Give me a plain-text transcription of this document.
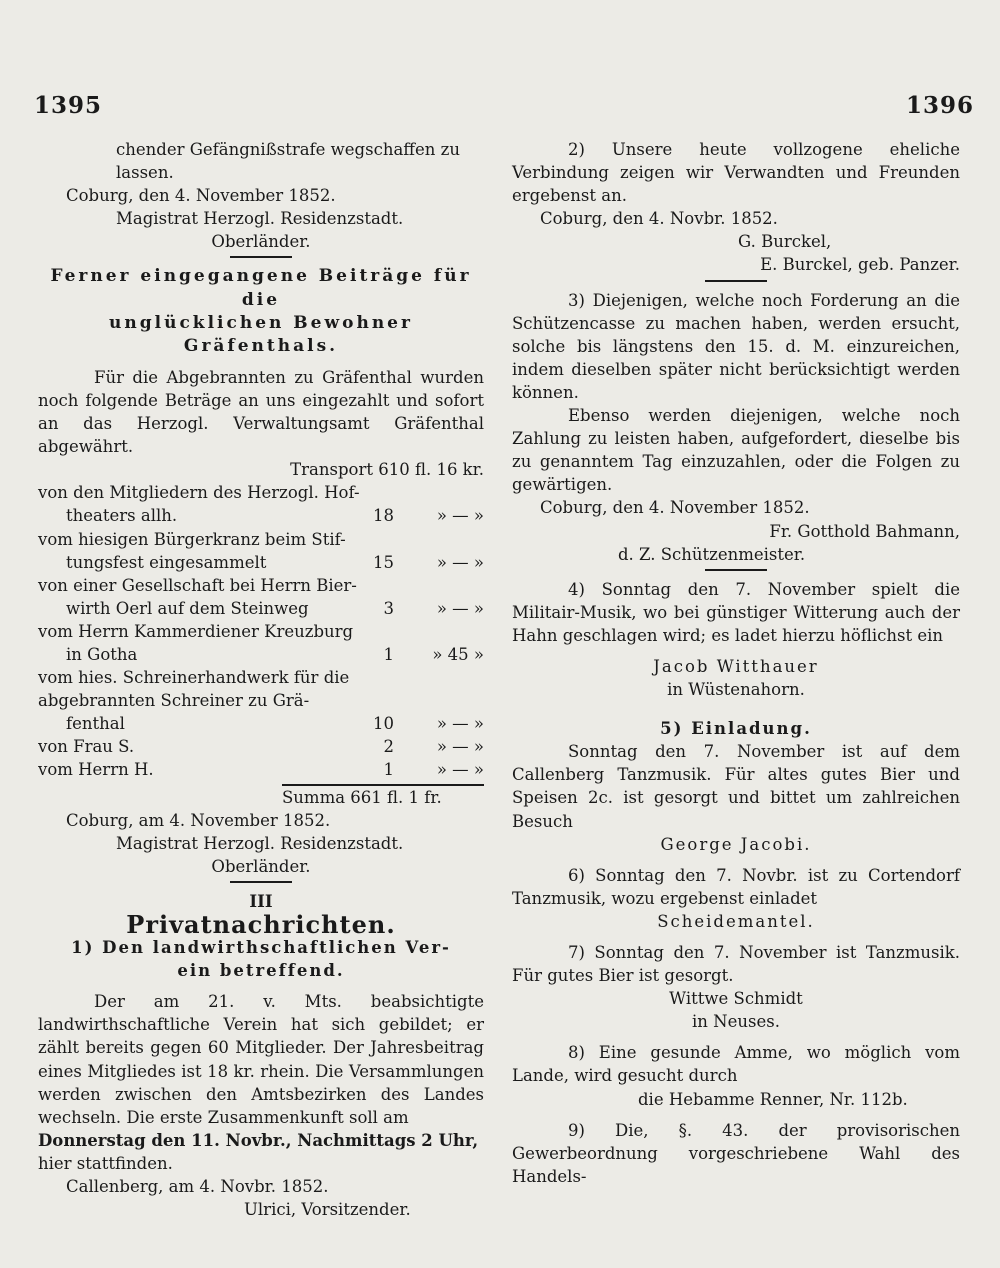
1395	1396

chender Gefängnißstrafe wegschaffen zu

lassen.

Coburg, den 4. November 1852.

Magistrat Herzogl. Residenzstadt.

Oberländer.

Ferner eingegangene Beiträge für die

unglücklichen Bewohner Gräfenthals.

Für die Abgebrannten zu Gräfenthal wurden noch folgende Beträge an uns eingezahlt und sofort an das Herzogl. Verwaltungsamt Gräfenthal abgewährt.

Transport 610 fl. 16 kr.

von den Mitgliedern des Herzogl. Hof-

theaters allh.	18	» — »

vom hiesigen Bürgerkranz beim Stif-

tungsfest eingesammelt	15	» — »

von einer Gesellschaft bei Herrn Bier-

wirth Oerl auf dem Steinweg	3	» — »

vom Herrn Kammerdiener Kreuzburg

in Gotha	1	» 45 »

vom hies. Schreinerhandwerk für die

abgebrannten Schreiner zu Grä-

fenthal	10	» — »
von Frau S.	2	» — »
vom Herrn H.	1	» — »
Summa 661 fl. 1 fr.

Coburg, am 4. November 1852.

Magistrat Herzogl. Residenzstadt.

Oberländer.

III

Privatnachrichten.

1) Den landwirthschaftlichen Ver-

ein betreffend.

Der am 21. v. Mts. beabsichtigte landwirthschaftliche Verein hat sich gebildet; er zählt bereits gegen 60 Mitglieder. Der Jahresbeitrag eines Mitgliedes ist 18 kr. rhein. Die Versammlungen werden zwischen den Amtsbezirken des Landes wechseln. Die erste Zusammenkunft soll am

Donnerstag den 11. Novbr., Nachmittags 2 Uhr,

hier stattfinden.

Callenberg, am 4. Novbr. 1852.

Ulrici, Vorsitzender.

2) Unsere heute vollzogene eheliche Verbindung zeigen wir Verwandten und Freunden ergebenst an.

Coburg, den 4. Novbr. 1852.

G. Burckel,

E. Burckel, geb. Panzer.

3) Diejenigen, welche noch Forderung an die Schützencasse zu machen haben, werden ersucht, solche bis längstens den 15. d. M. einzureichen, indem dieselben später nicht berücksichtigt werden können.

Ebenso werden diejenigen, welche noch Zahlung zu leisten haben, aufgefordert, dieselbe bis zu genanntem Tag einzuzahlen, oder die Folgen zu gewärtigen.

Coburg, den 4. November 1852.

Fr. Gotthold Bahmann,

d. Z. Schützenmeister.

4) Sonntag den 7. November spielt die Militair-Musik, wo bei günstiger Witterung auch der Hahn geschlagen wird; es ladet hierzu höflichst ein

Jacob Witthauer

in Wüstenahorn.

5) Einladung.

Sonntag den 7. November ist auf dem Callenberg Tanzmusik. Für altes gutes Bier und Speisen 2c. ist gesorgt und bittet um zahlreichen Besuch

George Jacobi.

6) Sonntag den 7. Novbr. ist zu Cortendorf Tanzmusik, wozu ergebenst einladet

Scheidemantel.

7) Sonntag den 7. November ist Tanzmusik. Für gutes Bier ist gesorgt.

Wittwe Schmidt

in Neuses.

8) Eine gesunde Amme, wo möglich vom Lande, wird gesucht durch

die Hebamme Renner, Nr. 112b.

9) Die, §. 43. der provisorischen Gewerbeordnung vorgeschriebene Wahl des Handels-
